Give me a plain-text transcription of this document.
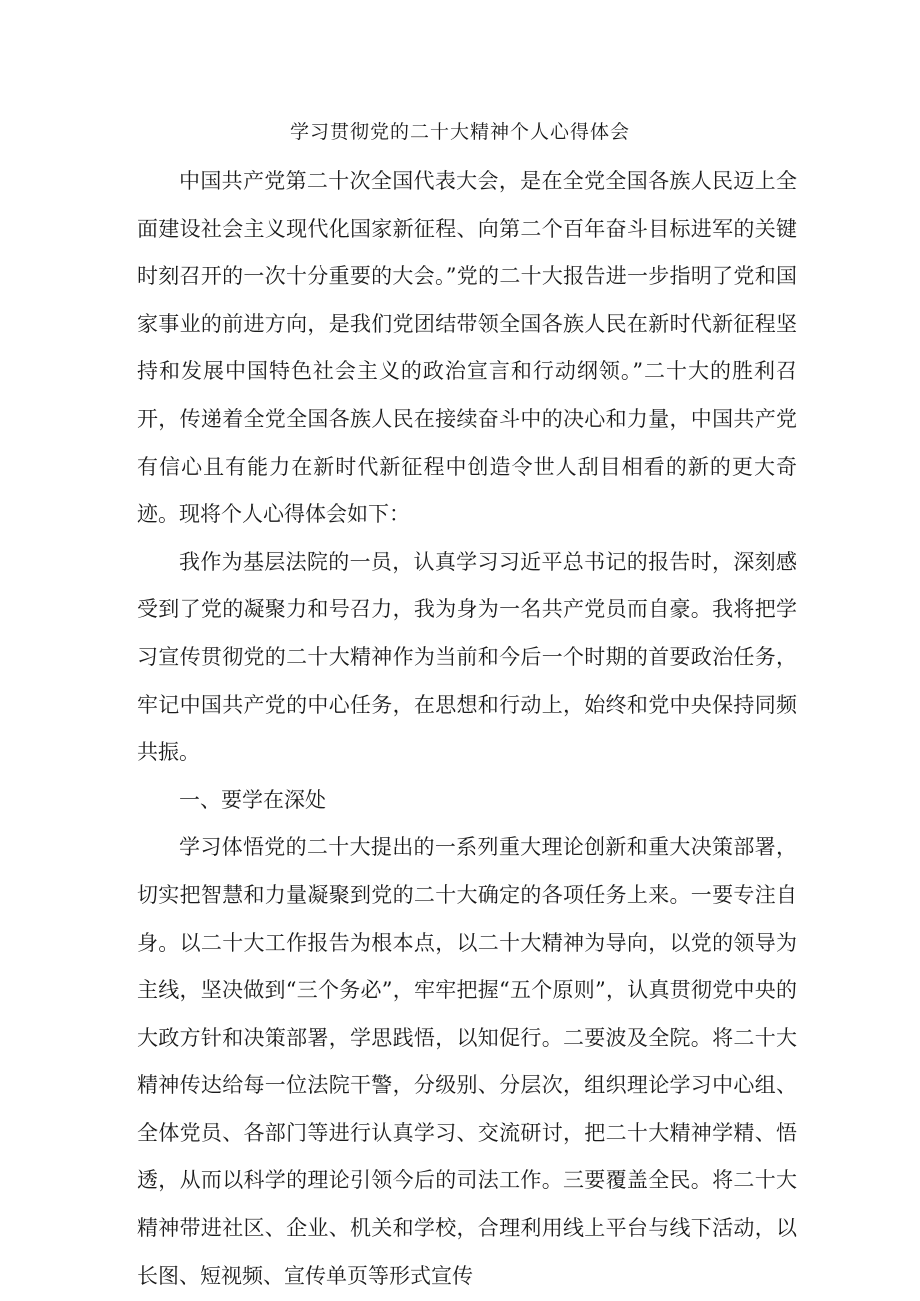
学习贯彻党的二十大精神个人心得体会

中国共产党第二十次全国代表大会，是在全党全国各族人民迈上全面建设社会主义现代化国家新征程、向第二个百年奋斗目标进军的关键时刻召开的一次十分重要的大会。”党的二十大报告进一步指明了党和国家事业的前进方向，是我们党团结带领全国各族人民在新时代新征程坚持和发展中国特色社会主义的政治宣言和行动纲领。”二十大的胜利召开，传递着全党全国各族人民在接续奋斗中的决心和力量，中国共产党有信心且有能力在新时代新征程中创造令世人刮目相看的新的更大奇迹。现将个人心得体会如下：

我作为基层法院的一员，认真学习习近平总书记的报告时，深刻感受到了党的凝聚力和号召力，我为身为一名共产党员而自豪。我将把学习宣传贯彻党的二十大精神作为当前和今后一个时期的首要政治任务，牢记中国共产党的中心任务，在思想和行动上，始终和党中央保持同频共振。

一、要学在深处

学习体悟党的二十大提出的一系列重大理论创新和重大决策部署，切实把智慧和力量凝聚到党的二十大确定的各项任务上来。一要专注自身。以二十大工作报告为根本点，以二十大精神为导向，以党的领导为主线，坚决做到“三个务必”，牢牢把握“五个原则”，认真贯彻党中央的大政方针和决策部署，学思践悟，以知促行。二要波及全院。将二十大精神传达给每一位法院干警，分级别、分层次，组织理论学习中心组、全体党员、各部门等进行认真学习、交流研讨，把二十大精神学精、悟透，从而以科学的理论引领今后的司法工作。三要覆盖全民。将二十大精神带进社区、企业、机关和学校，合理利用线上平台与线下活动，以长图、短视频、宣传单页等形式宣传
